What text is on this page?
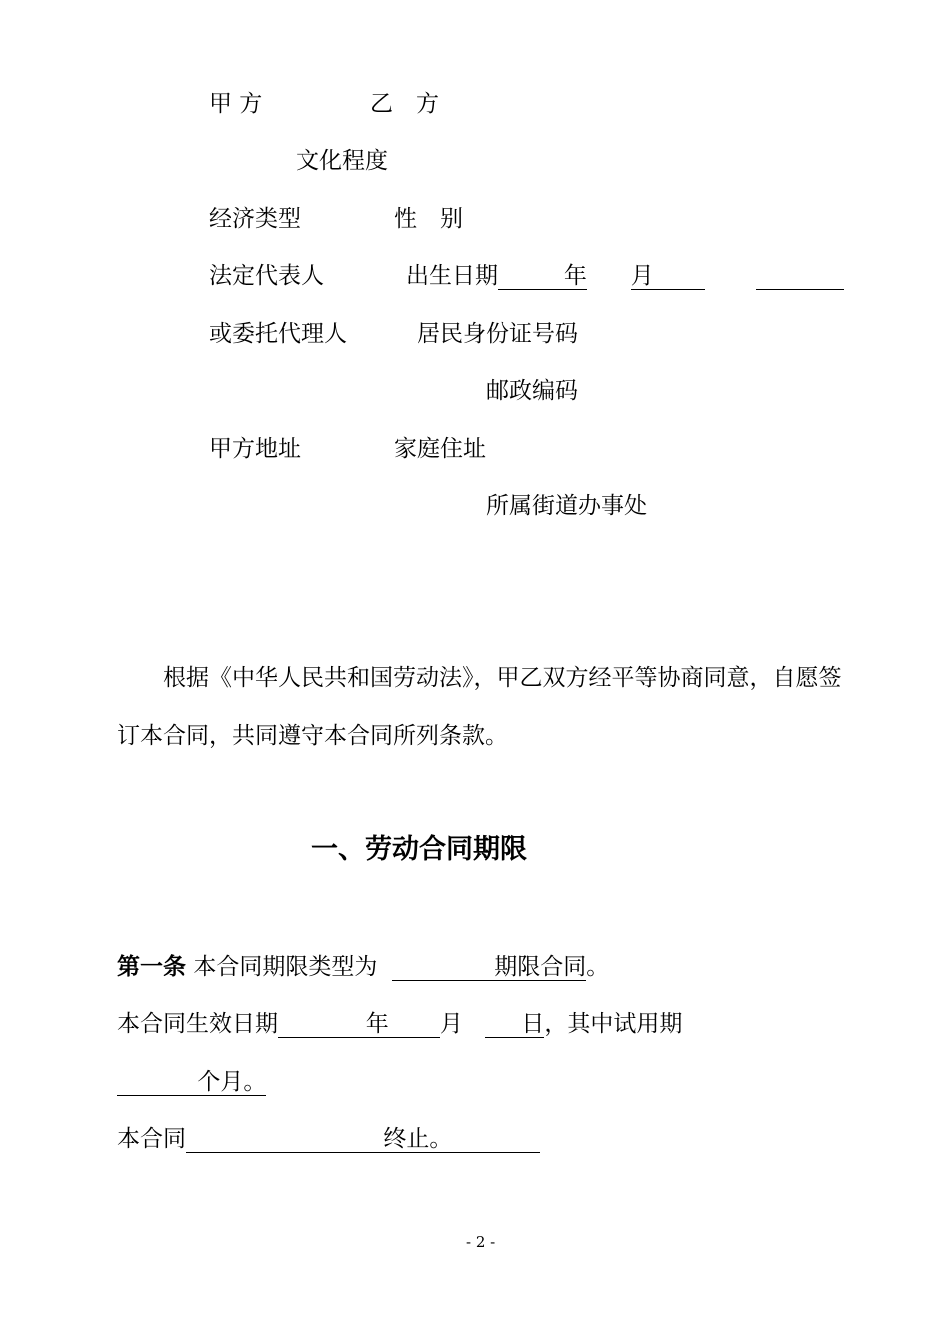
甲 方	乙　方
文化程度
经济类型	性　别
法定代表人	出生日期	年 月
或委托代理人	居民身份证号码
邮政编码
甲方地址	家庭住址
所属街道办事处
根据《中华人民共和国劳动法》，甲乙双方经平等协商同意，自愿签
订本合同，共同遵守本合同所列条款。
一、劳动合同期限
第一条 本合同期限类型为	期限合同。
本合同生效日期	年 月	日，其中试用期
个月。
本合同	终止。
- 2 -
